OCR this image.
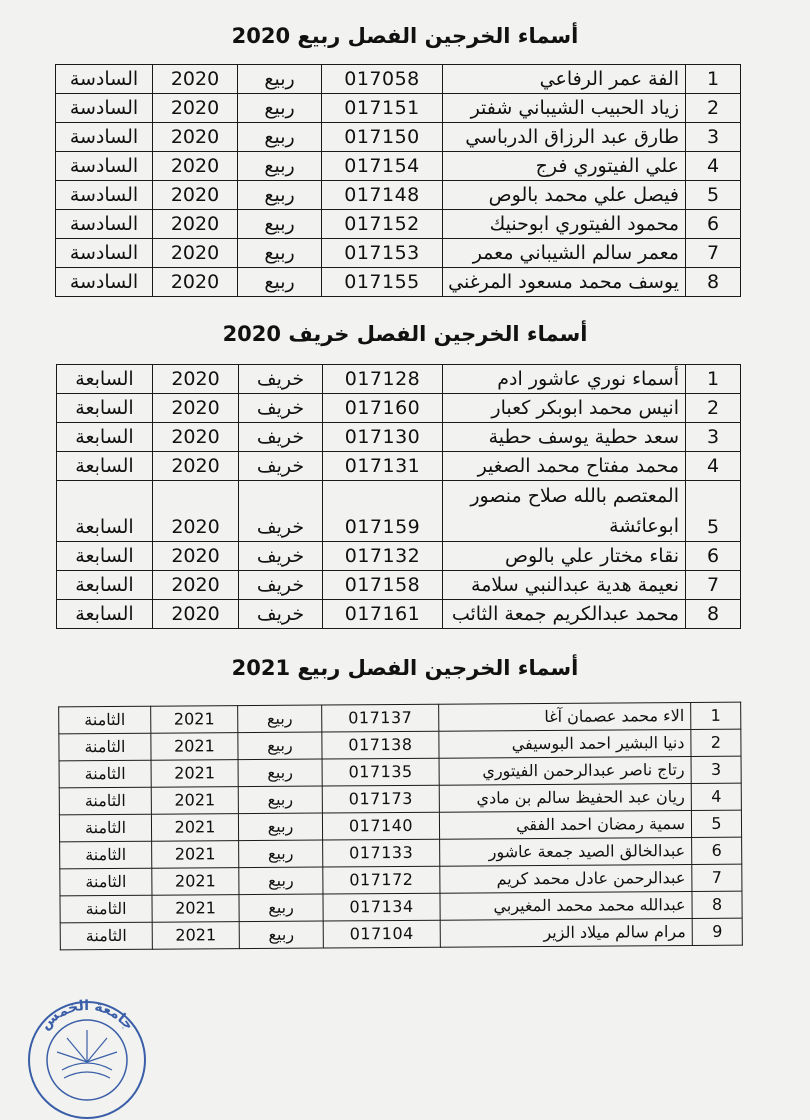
أسماء الخرجين الفصل ربيع 2020
1	الفة عمر الرفاعي	017058	ربيع	2020	السادسة
2	زياد الحبيب الشيباني شفتر	017151	ربيع	2020	السادسة
3	طارق عبد الرزاق الدرباسي	017150	ربيع	2020	السادسة
4	علي الفيتوري فرج	017154	ربيع	2020	السادسة
5	فيصل علي محمد بالوص	017148	ربيع	2020	السادسة
6	محمود الفيتوري ابوحنيك	017152	ربيع	2020	السادسة
7	معمر سالم الشيباني معمر	017153	ربيع	2020	السادسة
8	يوسف محمد مسعود المرغني	017155	ربيع	2020	السادسة
أسماء الخرجين الفصل خريف 2020
1	أسماء نوري عاشور ادم	017128	خريف	2020	السابعة
2	انيس محمد ابوبكر كعبار	017160	خريف	2020	السابعة
3	سعد حطية يوسف حطية	017130	خريف	2020	السابعة
4	محمد مفتاح محمد الصغير	017131	خريف	2020	السابعة
5	المعتصم بالله صلاح منصور ابوعائشة	017159	خريف	2020	السابعة
6	نقاء مختار علي بالوص	017132	خريف	2020	السابعة
7	نعيمة هدية عبدالنبي سلامة	017158	خريف	2020	السابعة
8	محمد عبدالكريم جمعة الثائب	017161	خريف	2020	السابعة
أسماء الخرجين الفصل ربيع 2021
1	الاء محمد عصمان آغا	017137	ربيع	2021	الثامنة
2	دنيا البشير احمد البوسيفي	017138	ربيع	2021	الثامنة
3	رتاج ناصر عبدالرحمن الفيتوري	017135	ربيع	2021	الثامنة
4	ريان عبد الحفيظ سالم بن مادي	017173	ربيع	2021	الثامنة
5	سمية رمضان احمد الفقي	017140	ربيع	2021	الثامنة
6	عبدالخالق الصيد جمعة عاشور	017133	ربيع	2021	الثامنة
7	عبدالرحمن عادل محمد كريم	017172	ربيع	2021	الثامنة
8	عبدالله محمد محمد المغيربي	017134	ربيع	2021	الثامنة
9	مرام سالم ميلاد الزير	017104	ربيع	2021	الثامنة
جامعة الخمس
